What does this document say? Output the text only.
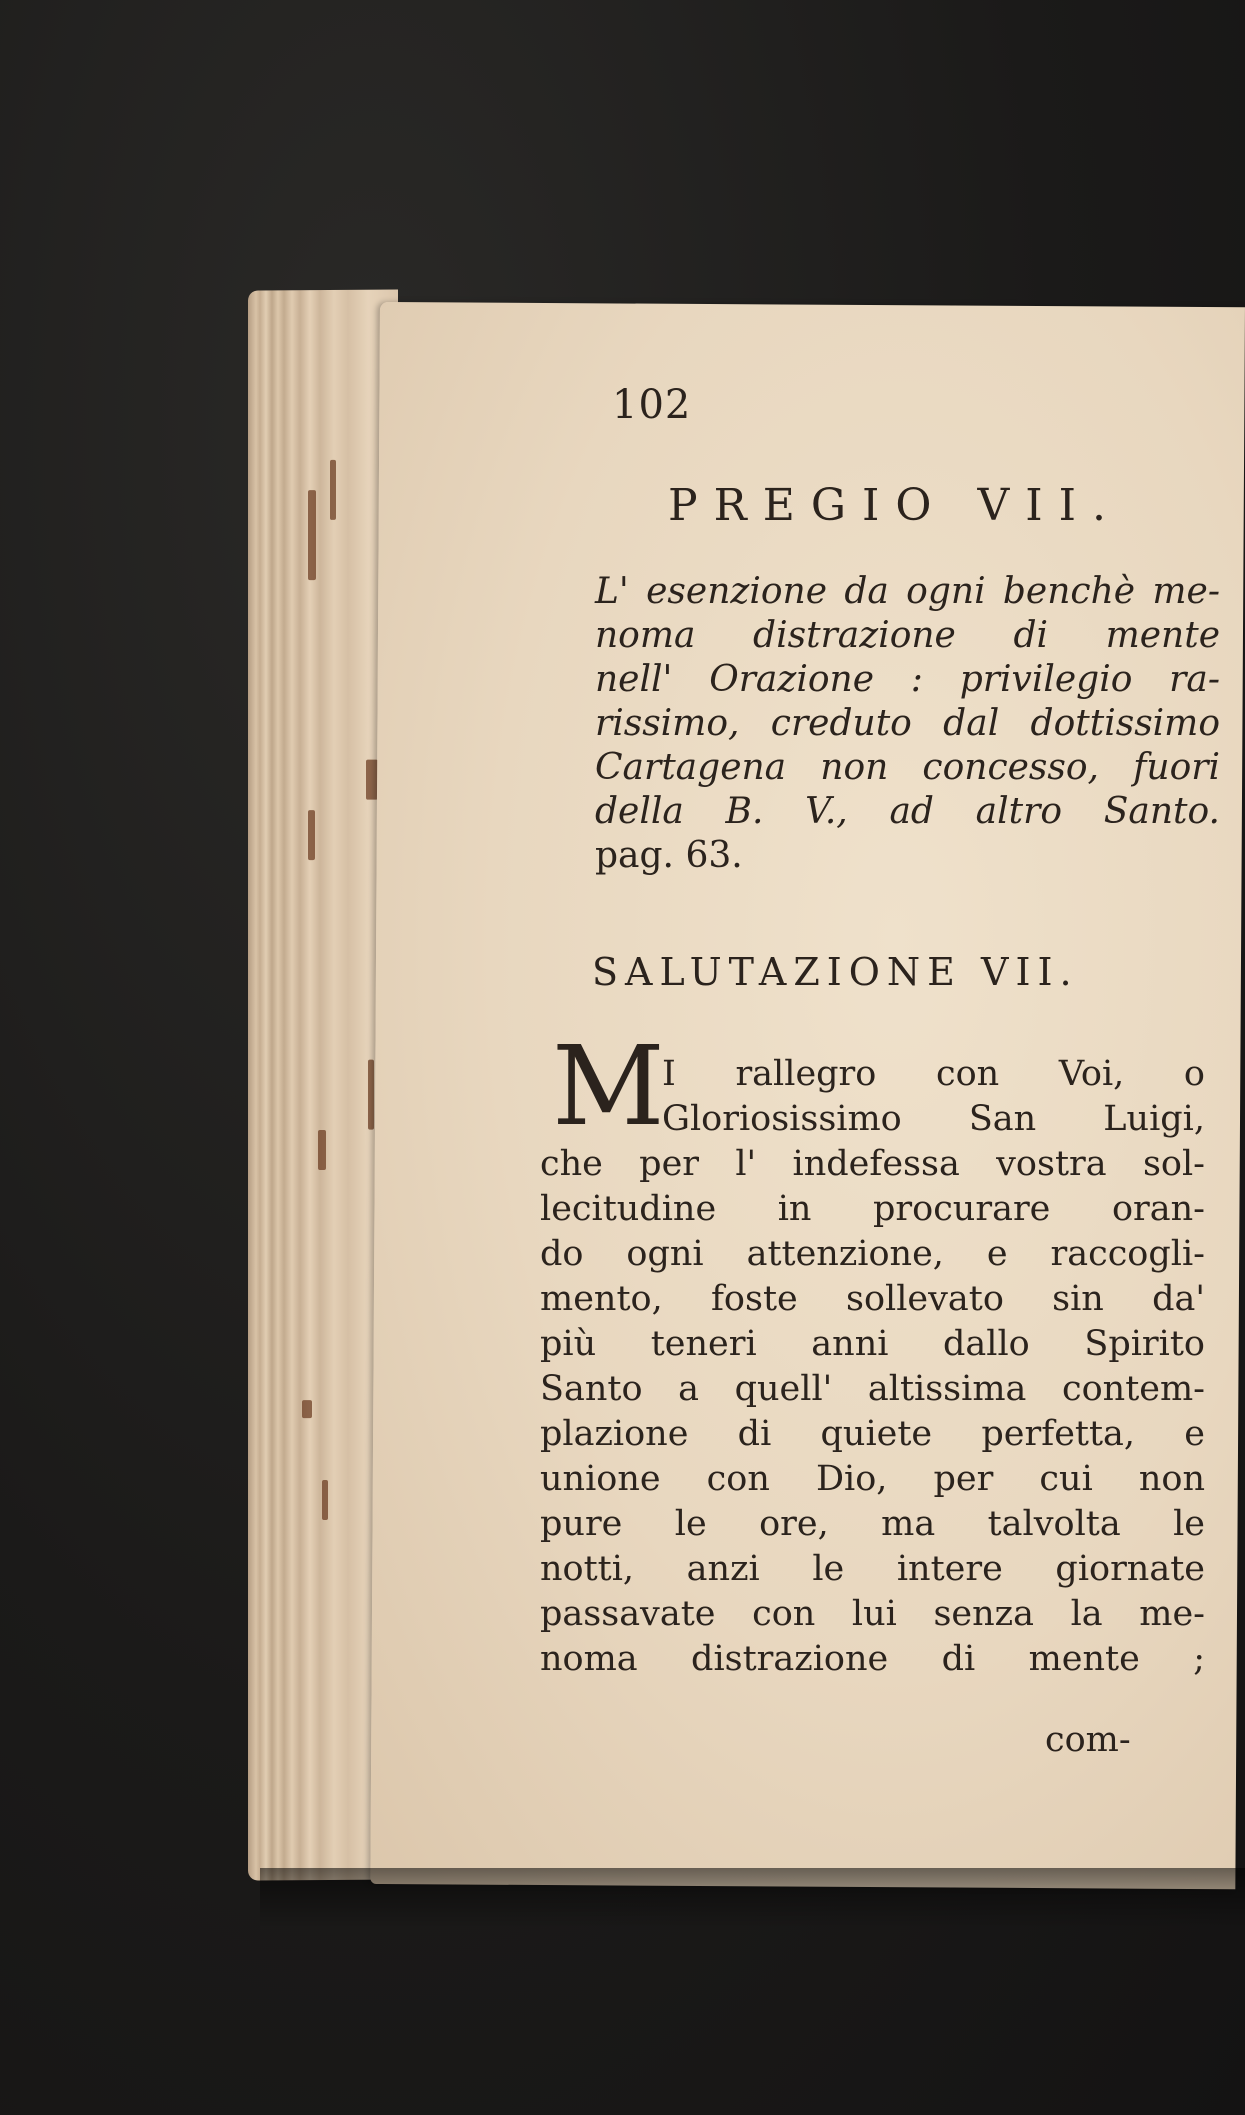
102
PREGIO VII.
L' esenzione da ogni benchè me-
noma distrazione di mente
nell' Orazione : privilegio ra-
rissimo, creduto dal dottissimo
Cartagena non concesso, fuori
della B. V., ad altro Santo.
pag. 63.
SALUTAZIONE VII.
M
I rallegro con Voi, o
Gloriosissimo San Luigi,
che per l' indefessa vostra sol-
lecitudine in procurare oran-
do ogni attenzione, e raccogli-
mento, foste sollevato sin da'
più teneri anni dallo Spirito
Santo a quell' altissima contem-
plazione di quiete perfetta, e
unione con Dio, per cui non
pure le ore, ma talvolta le
notti, anzi le intere giornate
passavate con lui senza la me-
noma distrazione di mente ;
com-
